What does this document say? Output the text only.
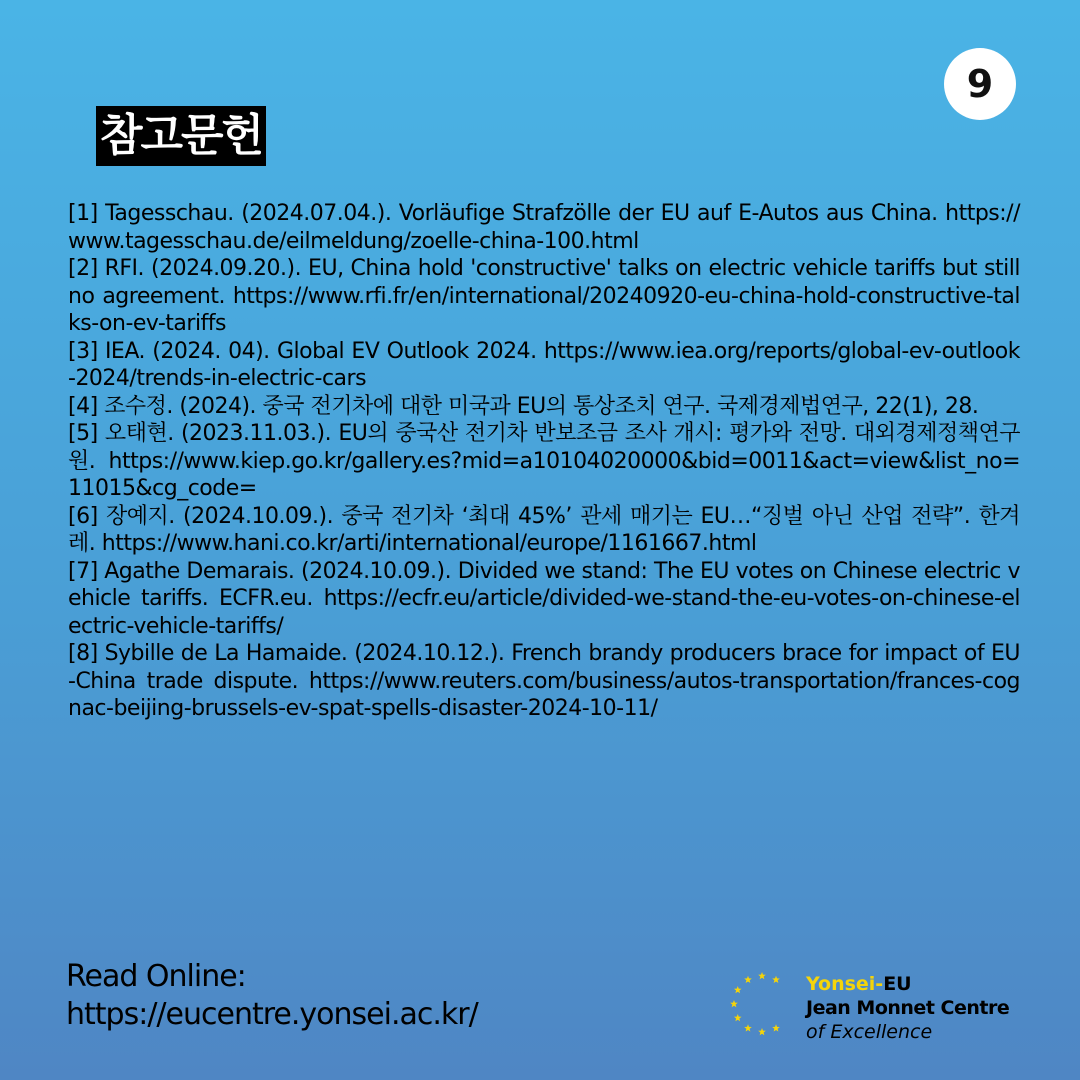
9
참고문헌

[1] Tagesschau. (2024.07.04.). Vorläufige Strafzölle der EU auf E-Autos aus China. https://www.tagesschau.de/eilmeldung/zoelle-china-100.html

[2] RFI. (2024.09.20.). EU, China hold 'constructive' talks on electric vehicle tariffs but still no agreement. https://www.rfi.fr/en/international/20240920-eu-china-hold-constructive-talks-on-ev-tariffs

[3] IEA. (2024. 04). Global EV Outlook 2024. https://www.iea.org/reports/global-ev-outlook-2024/trends-in-electric-cars

[4] 조수정. (2024). 중국 전기차에 대한 미국과 EU의 통상조치 연구. 국제경제법연구, 22(1), 28.

[5] 오태현. (2023.11.03.). EU의 중국산 전기차 반보조금 조사 개시: 평가와 전망. 대외경제정책연구원. https://www.kiep.go.kr/gallery.es?mid=a10104020000&bid=0011&act=view&list_no=11015&cg_code=

[6] 장예지. (2024.10.09.). 중국 전기차 ‘최대 45%’ 관세 매기는 EU…“징벌 아닌 산업 전략”. 한겨레. https://www.hani.co.kr/arti/international/europe/1161667.html

[7] Agathe Demarais. (2024.10.09.). Divided we stand: The EU votes on Chinese electric vehicle tariffs. ECFR.eu. https://ecfr.eu/article/divided-we-stand-the-eu-votes-on-chinese-electric-vehicle-tariffs/

[8] Sybille de La Hamaide. (2024.10.12.). French brandy producers brace for impact of EU-China trade dispute. https://www.reuters.com/business/autos-transportation/frances-cognac-beijing-brussels-ev-spat-spells-disaster-2024-10-11/

Read Online:
https://eucentre.yonsei.ac.kr/
Yonsei-EU
Jean Monnet Centre
of Excellence
